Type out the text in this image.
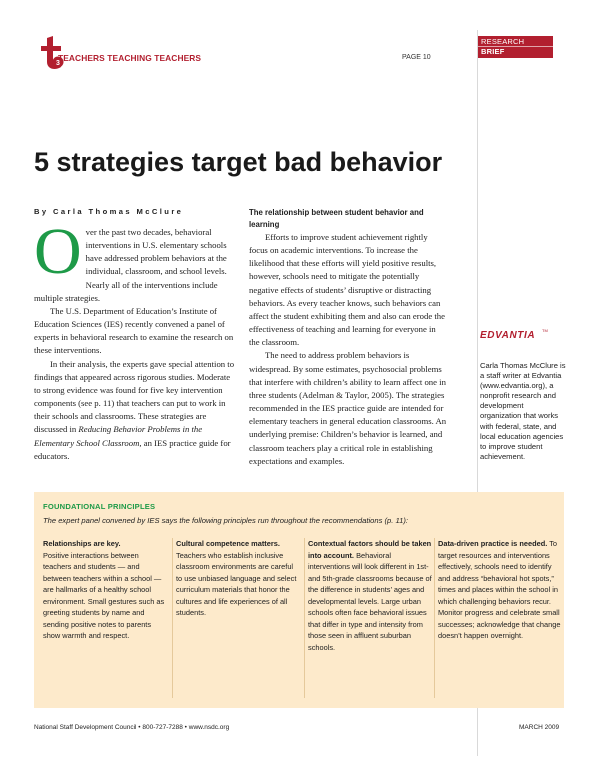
3
TEACHERS TEACHING TEACHERS	PAGE 10
RESEARCH
BRIEF
5 strategies target bad behavior
By Carla Thomas McClure

Over the past two decades, behavioral interventions in U.S. elementary schools have addressed problem behaviors at the individual, classroom, and school levels. Nearly all of the interventions include multiple strategies.

The U.S. Department of Education’s Institute of Education Sciences (IES) recently convened a panel of experts in behavioral research to examine the research on these interventions.

In their analysis, the experts gave special attention to findings that appeared across rigorous studies. Moderate to strong evidence was found for five key intervention components (see p. 11) that teachers can put to work in their schools and classrooms. These strategies are discussed in Reducing Behavior Problems in the Elementary School Classroom, an IES practice guide for educators.

The relationship between student behavior and learning

Efforts to improve student achievement rightly focus on academic interventions. To increase the likelihood that these efforts will yield positive results, however, schools need to mitigate the potentially negative effects of students’ disruptive or distracting behaviors. As every teacher knows, such behaviors can affect the student exhibiting them and also can erode the effectiveness of teaching and learning for everyone in the classroom.

The need to address problem behaviors is widespread. By some estimates, psychosocial problems that interfere with children’s ability to learn affect one in three students (Adelman & Taylor, 2005). The strategies recommended in the IES practice guide are intended for elementary teachers in general education classrooms. An underlying premise: Children’s behavior is learned, and classroom teachers play a critical role in establishing expectations and examples.

EDVANTIA TM
Carla Thomas McClure is a staff writer at Edvantia (www.edvantia.org), a nonprofit research and development organization that works with federal, state, and local education agencies to improve student achievement.
FOUNDATIONAL PRINCIPLES
The expert panel convened by IES says the following principles run throughout the recommendations (p. 11):
Relationships are key.
Positive interactions between teachers and students — and between teachers within a school — are hallmarks of a healthy school environment. Small gestures such as greeting students by name and sending positive notes to parents show warmth and respect.
Cultural competence matters. Teachers who establish inclusive classroom environments are careful to use unbiased language and select curriculum materials that honor the cultures and life experiences of all students.
Contextual factors should be taken into account. Behavioral interventions will look different in 1st- and 5th-grade classrooms because of the difference in students’ ages and developmental levels. Large urban schools often face behavioral issues that differ in type and intensity from those seen in affluent suburban schools.
Data-driven practice is needed. To target resources and interventions effectively, schools need to identify and address “behavioral hot spots,” times and places within the school in which challenging behaviors recur. Monitor progress and celebrate small successes; acknowledge that change doesn’t happen overnight.
National Staff Development Council • 800-727-7288 • www.nsdc.org	MARCH 2009
